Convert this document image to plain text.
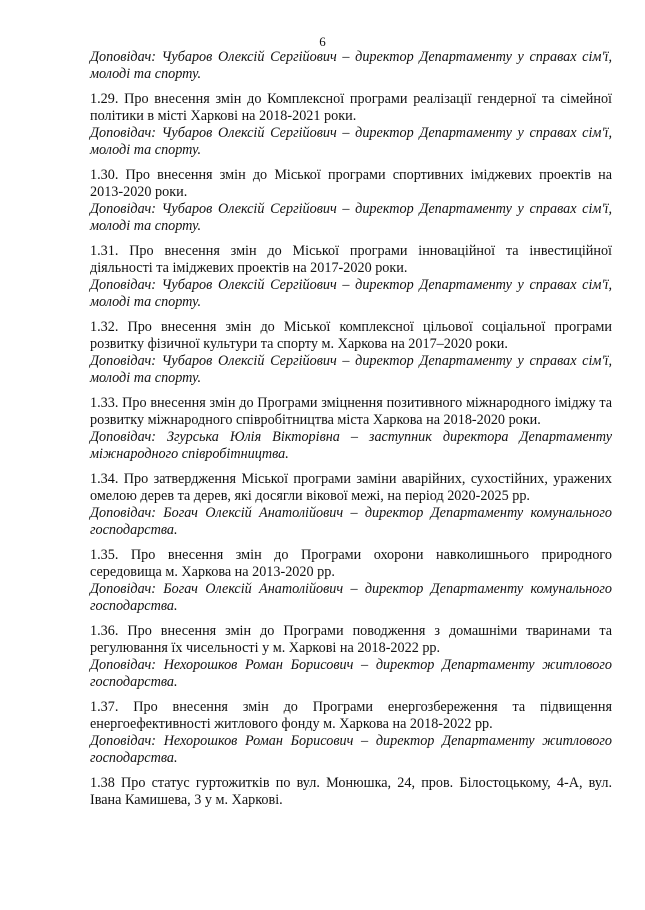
6
Доповідач: Чубаров Олексій Сергійович – директор Департаменту у справах сім'ї, молоді та спорту.
1.29. Про внесення змін до Комплексної програми реалізації гендерної та сімейної політики в місті Харкові на 2018-2021 роки.
Доповідач: Чубаров Олексій Сергійович – директор Департаменту у справах сім'ї, молоді та спорту.
1.30. Про внесення змін до Міської програми спортивних іміджевих проектів на 2013-2020 роки.
Доповідач: Чубаров Олексій Сергійович – директор Департаменту у справах сім'ї, молоді та спорту.
1.31. Про внесення змін до Міської програми інноваційної та інвестиційної діяльності та іміджевих проектів на 2017-2020 роки.
Доповідач: Чубаров Олексій Сергійович – директор Департаменту у справах сім'ї, молоді та спорту.
1.32. Про внесення змін до Міської комплексної цільової соціальної програми розвитку фізичної культури та спорту м. Харкова на 2017–2020 роки.
Доповідач: Чубаров Олексій Сергійович – директор Департаменту у справах сім'ї, молоді та спорту.
1.33. Про внесення змін до Програми зміцнення позитивного міжнародного іміджу та розвитку міжнародного співробітництва міста Харкова на 2018-2020 роки.
Доповідач: Згурська Юлія Вікторівна – заступник директора Департаменту міжнародного співробітництва.
1.34. Про затвердження Міської програми заміни аварійних, сухостійних, уражених омелою дерев та дерев, які досягли вікової межі, на період 2020-2025 рр.
Доповідач: Богач Олексій Анатолійович – директор Департаменту комунального господарства.
1.35. Про внесення змін до Програми охорони навколишнього природного середовища м. Харкова на 2013-2020 рр.
Доповідач: Богач Олексій Анатолійович – директор Департаменту комунального господарства.
1.36. Про внесення змін до Програми поводження з домашніми тваринами та регулювання їх чисельності у м. Харкові на 2018-2022 рр.
Доповідач: Нехорошков Роман Борисович – директор Департаменту житлового господарства.
1.37. Про внесення змін до Програми енергозбереження та підвищення енергоефективності житлового фонду м. Харкова на 2018-2022 рр.
Доповідач: Нехорошков Роман Борисович – директор Департаменту житлового господарства.
1.38 Про статус гуртожитків по вул. Монюшка, 24, пров. Білостоцькому, 4-А, вул. Івана Камишева, 3 у м. Харкові.
